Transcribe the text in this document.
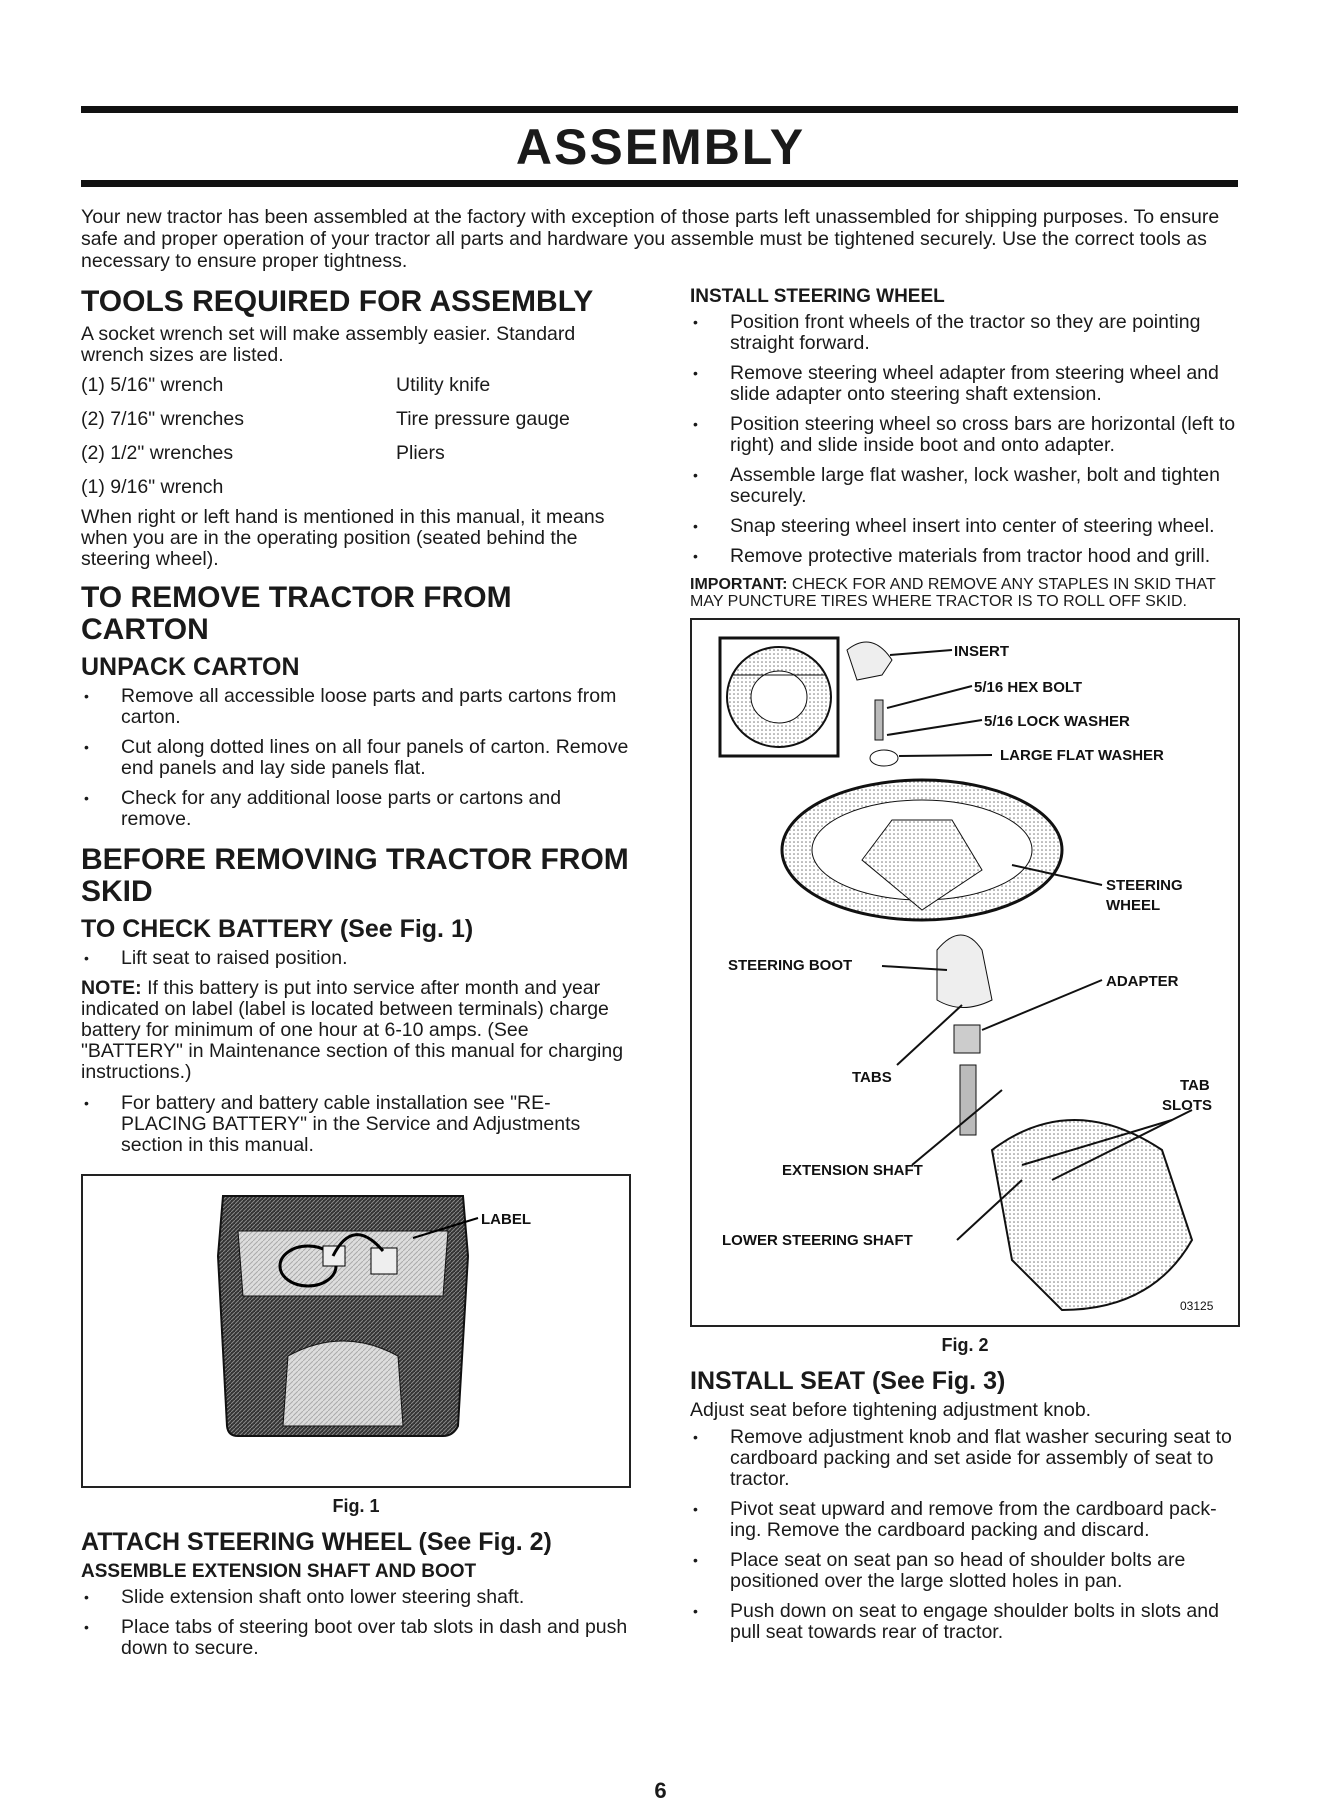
ASSEMBLY
Your new tractor has been assembled at the factory with exception of those parts left unassembled for shipping purposes. To ensure safe and proper operation of your tractor all parts and hardware you assemble must be tightened securely. Use the correct tools as necessary to ensure proper tightness.
TOOLS REQUIRED FOR ASSEMBLY

A socket wrench set will make assembly easier. Standard wrench sizes are listed.

(1) 5/16" wrench	Utility knife
(2) 7/16" wrenches	Tire pressure gauge
(2) 1/2" wrenches	Pliers
(1) 9/16" wrench

When right or left hand is mentioned in this manual, it means when you are in the operating position (seated behind the steering wheel).

TO REMOVE TRACTOR FROM CARTON
UNPACK CARTON
• Remove all accessible loose parts and parts cartons from carton.
• Cut along dotted lines on all four panels of carton. Remove end panels and lay side panels flat.
• Check for any additional loose parts or cartons and remove.
BEFORE REMOVING TRACTOR FROM SKID
TO CHECK BATTERY (See Fig. 1)
• Lift seat to raised position.

NOTE: If this battery is put into service after month and year indicated on label (label is located between terminals) charge battery for minimum of one hour at 6-10 amps. (See "BATTERY" in Maintenance section of this manual for charging instructions.)

• For battery and battery cable installation see "RE-PLACING BATTERY" in the Service and Adjustments section in this manual.
LABEL
Fig. 1
ATTACH STEERING WHEEL (See Fig. 2)
ASSEMBLE EXTENSION SHAFT AND BOOT
• Slide extension shaft onto lower steering shaft.
• Place tabs of steering boot over tab slots in dash and push down to secure.
INSTALL STEERING WHEEL
• Position front wheels of the tractor so they are pointing straight forward.
• Remove steering wheel adapter from steering wheel and slide adapter onto steering shaft extension.
• Position steering wheel so cross bars are horizontal (left to right) and slide inside boot and onto adapter.
• Assemble large flat washer, lock washer, bolt and tighten securely.
• Snap steering wheel insert into center of steering wheel.
• Remove protective materials from tractor hood and grill.

IMPORTANT: CHECK FOR AND REMOVE ANY STAPLES IN SKID THAT MAY PUNCTURE TIRES WHERE TRACTOR IS TO ROLL OFF SKID.

INSERT
5/16 HEX BOLT
5/16 LOCK WASHER
LARGE FLAT WASHER
STEERING
WHEEL
STEERING BOOT
ADAPTER
TABS	TAB
SLOTS
EXTENSION SHAFT
LOWER STEERING SHAFT
03125
Fig. 2
INSTALL SEAT (See Fig. 3)

Adjust seat before tightening adjustment knob.

• Remove adjustment knob and flat washer securing seat to cardboard packing and set aside for assembly of seat to tractor.
• Pivot seat upward and remove from the cardboard pack-ing. Remove the cardboard packing and discard.
• Place seat on seat pan so head of shoulder bolts are positioned over the large slotted holes in pan.
• Push down on seat to engage shoulder bolts in slots and pull seat towards rear of tractor.
6
